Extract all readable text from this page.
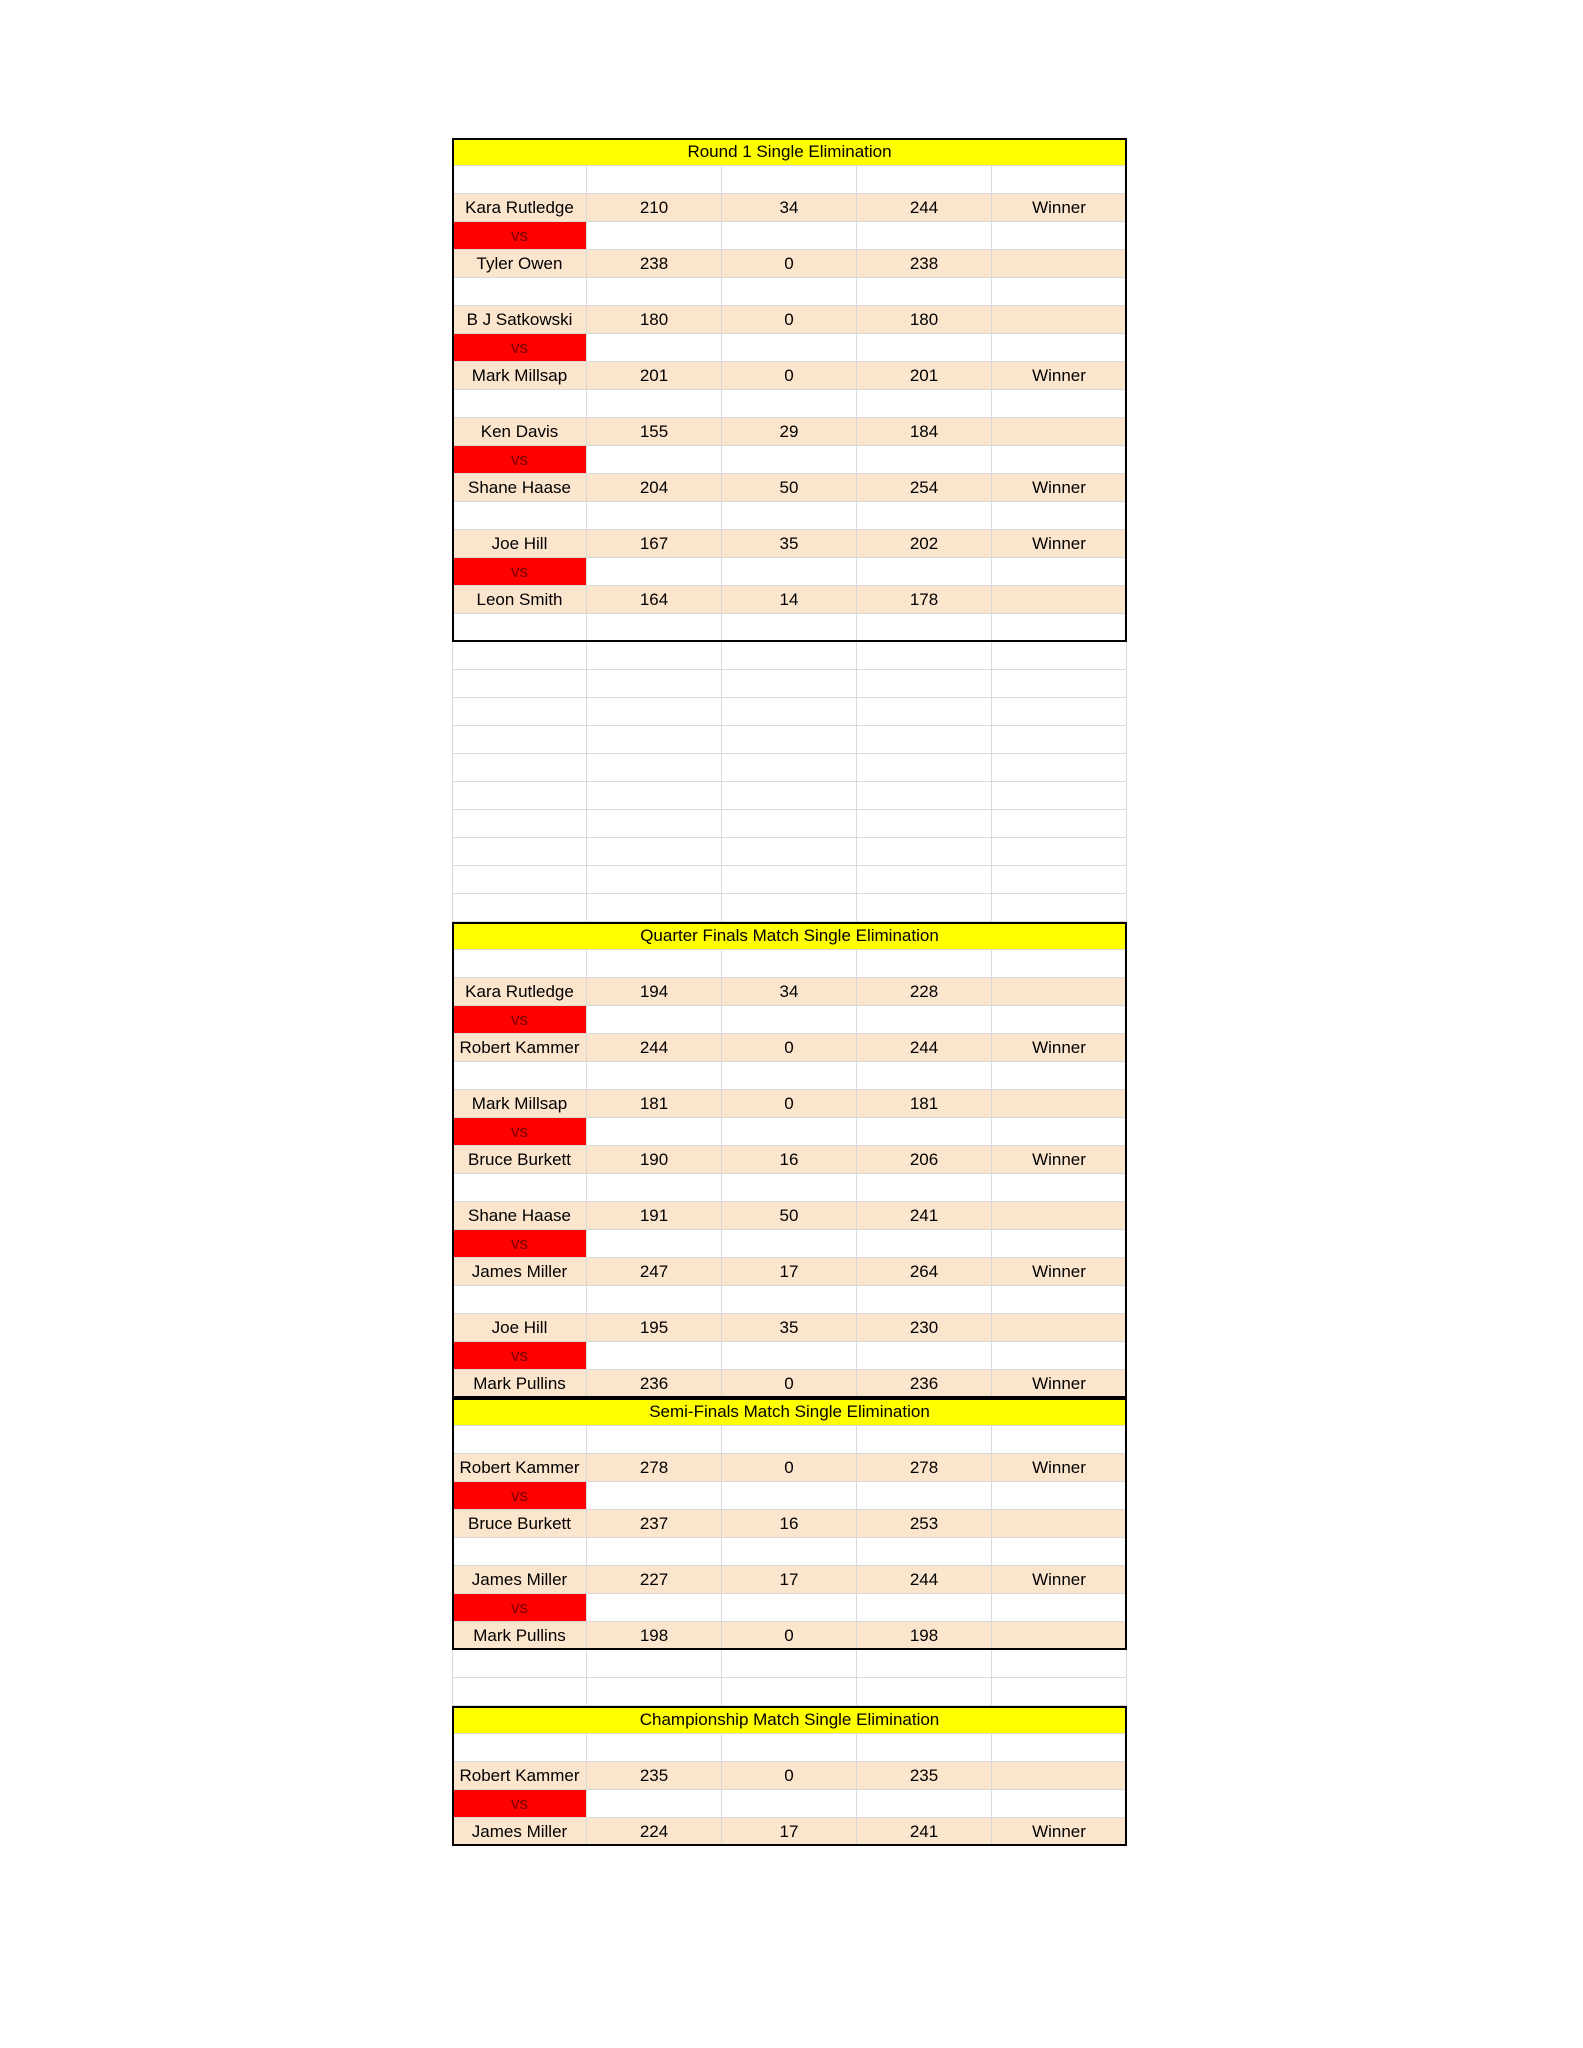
Round 1 Single Elimination
Kara Rutledge	210	34	244	Winner
vs
Tyler Owen	238	0	238
B J Satkowski	180	0	180
vs
Mark Millsap	201	0	201	Winner
Ken Davis	155	29	184
vs
Shane Haase	204	50	254	Winner
Joe Hill	167	35	202	Winner
vs
Leon Smith	164	14	178
Quarter Finals Match Single Elimination
Kara Rutledge	194	34	228
vs
Robert Kammer	244	0	244	Winner
Mark Millsap	181	0	181
vs
Bruce Burkett	190	16	206	Winner
Shane Haase	191	50	241
vs
James Miller	247	17	264	Winner
Joe Hill	195	35	230
vs
Mark Pullins	236	0	236	Winner
Semi-Finals Match Single Elimination
Robert Kammer	278	0	278	Winner
vs
Bruce Burkett	237	16	253
James Miller	227	17	244	Winner
vs
Mark Pullins	198	0	198
Championship Match Single Elimination
Robert Kammer	235	0	235
vs
James Miller	224	17	241	Winner
